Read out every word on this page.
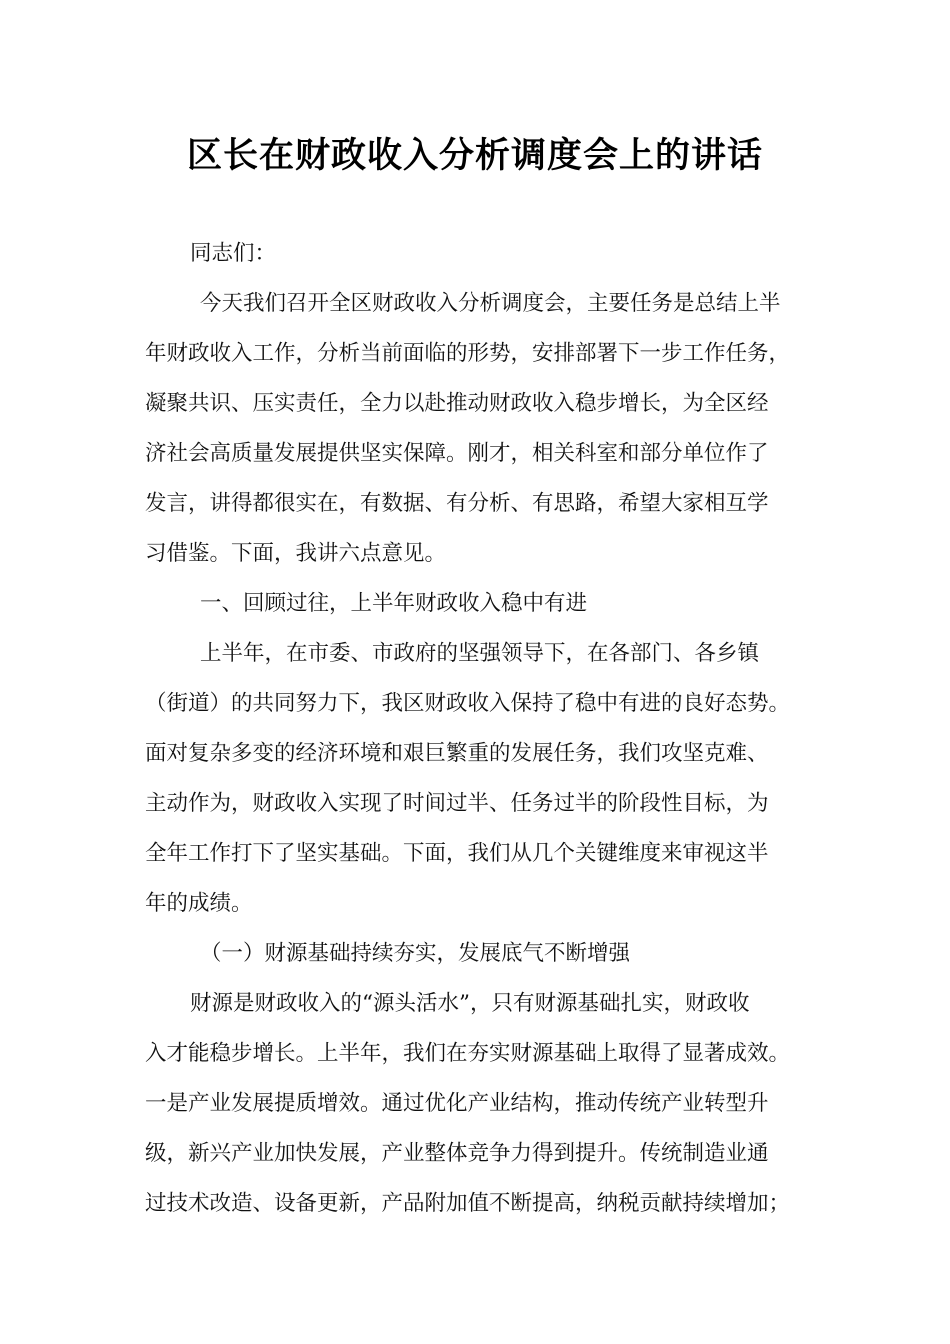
区长在财政收入分析调度会上的讲话
同志们：
今天我们召开全区财政收入分析调度会，主要任务是总结上半
年财政收入工作，分析当前面临的形势，安排部署下一步工作任务，
凝聚共识、压实责任，全力以赴推动财政收入稳步增长，为全区经
济社会高质量发展提供坚实保障。刚才，相关科室和部分单位作了
发言，讲得都很实在，有数据、有分析、有思路，希望大家相互学
习借鉴。下面，我讲六点意见。
一、回顾过往，上半年财政收入稳中有进
上半年，在市委、市政府的坚强领导下，在各部门、各乡镇
（街道）的共同努力下，我区财政收入保持了稳中有进的良好态势。
面对复杂多变的经济环境和艰巨繁重的发展任务，我们攻坚克难、
主动作为，财政收入实现了时间过半、任务过半的阶段性目标，为
全年工作打下了坚实基础。下面，我们从几个关键维度来审视这半
年的成绩。
（一）财源基础持续夯实，发展底气不断增强
财源是财政收入的“源头活水”，只有财源基础扎实，财政收
入才能稳步增长。上半年，我们在夯实财源基础上取得了显著成效。
一是产业发展提质增效。通过优化产业结构，推动传统产业转型升
级，新兴产业加快发展，产业整体竞争力得到提升。传统制造业通
过技术改造、设备更新，产品附加值不断提高，纳税贡献持续增加；
